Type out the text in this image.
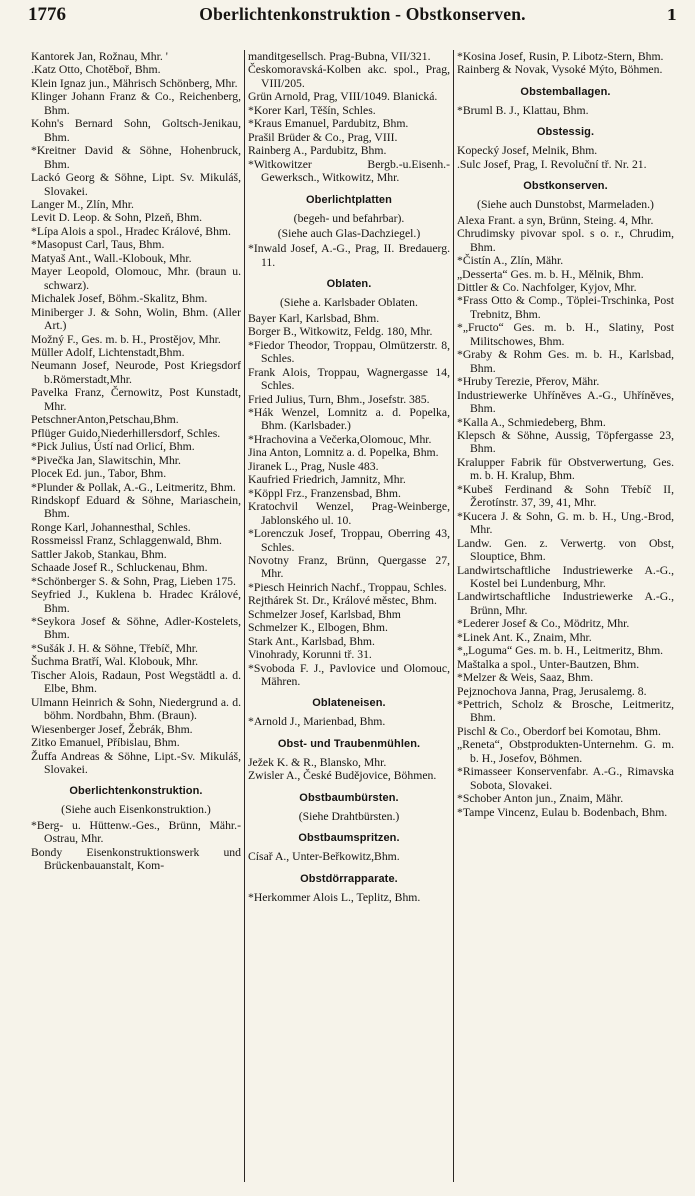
1776	Oberlichtenkonstruktion - Obstkonserven.	1
Kantorek Jan, Rožnau, Mhr. '
.Katz Otto, Chotěboř, Bhm.
Klein Ignaz jun., Mährisch Schönberg, Mhr.
Klinger Johann Franz & Co., Reichenberg, Bhm.
Kohn's Bernard Sohn, Goltsch-Jenikau, Bhm.
*Kreitner David & Söhne, Hohenbruck, Bhm.
Lackó Georg & Söhne, Lipt. Sv. Mikuláš, Slovakei.
Langer M., Zlín, Mhr.
Levit D. Leop. & Sohn, Plzeň, Bhm.
*Lípa Alois a spol., Hradec Králové, Bhm.
*Masopust Carl, Taus, Bhm.
Matyaš Ant., Wall.-Klobouk, Mhr.
Mayer Leopold, Olomouc, Mhr. (braun u. schwarz).
Michalek Josef, Böhm.-Skalitz, Bhm.
Miniberger J. & Sohn, Wolin, Bhm. (Aller Art.)
Možný F., Ges. m. b. H., Prostějov, Mhr.
Müller Adolf, Lichtenstadt,Bhm.
Neumann Josef, Neurode, Post Kriegsdorf b.Römerstadt,Mhr.
Pavelka Franz, Černowitz, Post Kunstadt, Mhr.
PetschnerAnton,Petschau,Bhm.
Pflüger Guido,Niederhillersdorf, Schles.
*Pick Julius, Ústí nad Orlicí, Bhm.
*Pivečka Jan, Slawitschin, Mhr.
Plocek Ed. jun., Tabor, Bhm.
*Plunder & Pollak, A.-G., Leitmeritz, Bhm.
Rindskopf Eduard & Söhne, Mariaschein, Bhm.
Ronge Karl, Johannesthal, Schles.
Rossmeissl Franz, Schlaggenwald, Bhm.
Sattler Jakob, Stankau, Bhm.
Schaade Josef R., Schluckenau, Bhm.
*Schönberger S. & Sohn, Prag, Lieben 175.
Seyfried J., Kuklena b. Hradec Králové, Bhm.
*Seykora Josef & Söhne, Adler-Kostelets, Bhm.
*Sušák J. H. & Söhne, Třebíč, Mhr.
Šuchma Bratří, Wal. Klobouk, Mhr.
Tischer Alois, Radaun, Post Wegstädtl a. d. Elbe, Bhm.
Ulmann Heinrich & Sohn, Niedergrund a. d. böhm. Nordbahn, Bhm. (Braun).
Wiesenberger Josef, Žebrák, Bhm.
Zitko Emanuel, Příbislau, Bhm.
Žuffa Andreas & Söhne, Lipt.-Sv. Mikuláš, Slovakei.
Oberlichtenkonstruktion.
(Siehe auch Eisenkonstruktion.)
*Berg- u. Hüttenw.-Ges., Brünn, Mähr.-Ostrau, Mhr.
Bondy Eisenkonstruktionswerk und Brückenbauanstalt, Kom-
manditgesellsch. Prag-Bubna, VII/321.
Českomoravská-Kolben akc. spol., Prag, VIII/205.
Grün Arnold, Prag, VIII/1049. Blanická.
*Korer Karl, Těšín, Schles.
*Kraus Emanuel, Pardubitz, Bhm.
Prašil Brüder & Co., Prag, VIII.
Rainberg A., Pardubitz, Bhm.
*Witkowitzer Bergb.-u.Eisenh.-Gewerksch., Witkowitz, Mhr.
Oberlichtplatten
(begeh- und befahrbar).
(Siehe auch Glas-Dachziegel.)
*Inwald Josef, A.-G., Prag, II. Bredauerg. 11.
Oblaten.
(Siehe a. Karlsbader Oblaten.
Bayer Karl, Karlsbad, Bhm.
Borger B., Witkowitz, Feldg. 180, Mhr.
*Fiedor Theodor, Troppau, Olmützerstr. 8, Schles.
Frank Alois, Troppau, Wagnergasse 14, Schles.
Fried Julius, Turn, Bhm., Josefstr. 385.
*Hák Wenzel, Lomnitz a. d. Popelka, Bhm. (Karlsbader.)
*Hrachovina a Večerka,Olomouc, Mhr.
Jina Anton, Lomnitz a. d. Popelka, Bhm.
Jiranek L., Prag, Nusle 483.
Kaufried Friedrich, Jamnitz, Mhr.
*Köppl Frz., Franzensbad, Bhm.
Kratochvil Wenzel, Prag-Weinberge, Jablonského ul. 10.
*Lorenczuk Josef, Troppau, Oberring 43, Schles.
Novotny Franz, Brünn, Quergasse 27, Mhr.
*Piesch Heinrich Nachf., Troppau, Schles.
Rejthárek St. Dr., Králové městec, Bhm.
Schmelzer Josef, Karlsbad, Bhm
Schmelzer K., Elbogen, Bhm.
Stark Ant., Karlsbad, Bhm.
Vinohrady, Korunni tř. 31.
*Svoboda F. J., Pavlovice und Olomouc, Mähren.
Oblateneisen.
*Arnold J., Marienbad, Bhm.
Obst- und Traubenmühlen.
Ježek K. & R., Blansko, Mhr.
Zwisler A., České Budějovice, Böhmen.
Obstbaumbürsten.
(Siehe Drahtbürsten.)
Obstbaumspritzen.
Císař A., Unter-Beřkowitz,Bhm.
Obstdörrapparate.
*Herkommer Alois L., Teplitz, Bhm.
*Kosina Josef, Rusin, P. Libotz-Stern, Bhm.
Rainberg & Novak, Vysoké Mýto, Böhmen.
Obstemballagen.
*Bruml B. J., Klattau, Bhm.
Obstessig.
Kopecký Josef, Melnik, Bhm.
.Sulc Josef, Prag, I. Revoluční tř. Nr. 21.
Obstkonserven.
(Siehe auch Dunstobst, Marmeladen.)
Alexa Frant. a syn, Brünn, Steing. 4, Mhr.
Chrudimsky pivovar spol. s o. r., Chrudim, Bhm.
*Čistín A., Zlín, Mähr.
„Desserta“ Ges. m. b. H., Mělnik, Bhm.
Dittler & Co. Nachfolger, Kyjov, Mhr.
*Frass Otto & Comp., Töplei-Trschinka, Post Trebnitz, Bhm.
*„Fructo“ Ges. m. b. H., Slatiny, Post Militschowes, Bhm.
*Graby & Rohm Ges. m. b. H., Karlsbad, Bhm.
*Hruby Terezie, Přerov, Mähr.
Industriewerke Uhříněves A.-G., Uhříněves, Bhm.
*Kalla A., Schmiedeberg, Bhm.
Klepsch & Söhne, Aussig, Töpfergasse 23, Bhm.
Kralupper Fabrik für Obstverwertung, Ges. m. b. H. Kralup, Bhm.
*Kubeš Ferdinand & Sohn Třebíč II, Žerotínstr. 37, 39, 41, Mhr.
*Kucera J. & Sohn, G. m. b. H., Ung.-Brod, Mhr.
Landw. Gen. z. Verwertg. von Obst, Slouptice, Bhm.
Landwirtschaftliche Industriewerke A.-G., Kostel bei Lundenburg, Mhr.
Landwirtschaftliche Industriewerke A.-G., Brünn, Mhr.
*Lederer Josef & Co., Mödritz, Mhr.
*Linek Ant. K., Znaim, Mhr.
*„Loguma“ Ges. m. b. H., Leitmeritz, Bhm.
Maštalka a spol., Unter-Bautzen, Bhm.
*Melzer & Weis, Saaz, Bhm.
Pejznochova Janna, Prag, Jerusalemg. 8.
*Pettrich, Scholz & Brosche, Leitmeritz, Bhm.
Pischl & Co., Oberdorf bei Komotau, Bhm.
„Reneta“, Obstprodukten-Unternehm. G. m. b. H., Josefov, Böhmen.
*Rimasseer Konservenfabr. A.-G., Rimavska Sobota, Slovakei.
*Schober Anton jun., Znaim, Mähr.
*Tampe Vincenz, Eulau b. Bodenbach, Bhm.
